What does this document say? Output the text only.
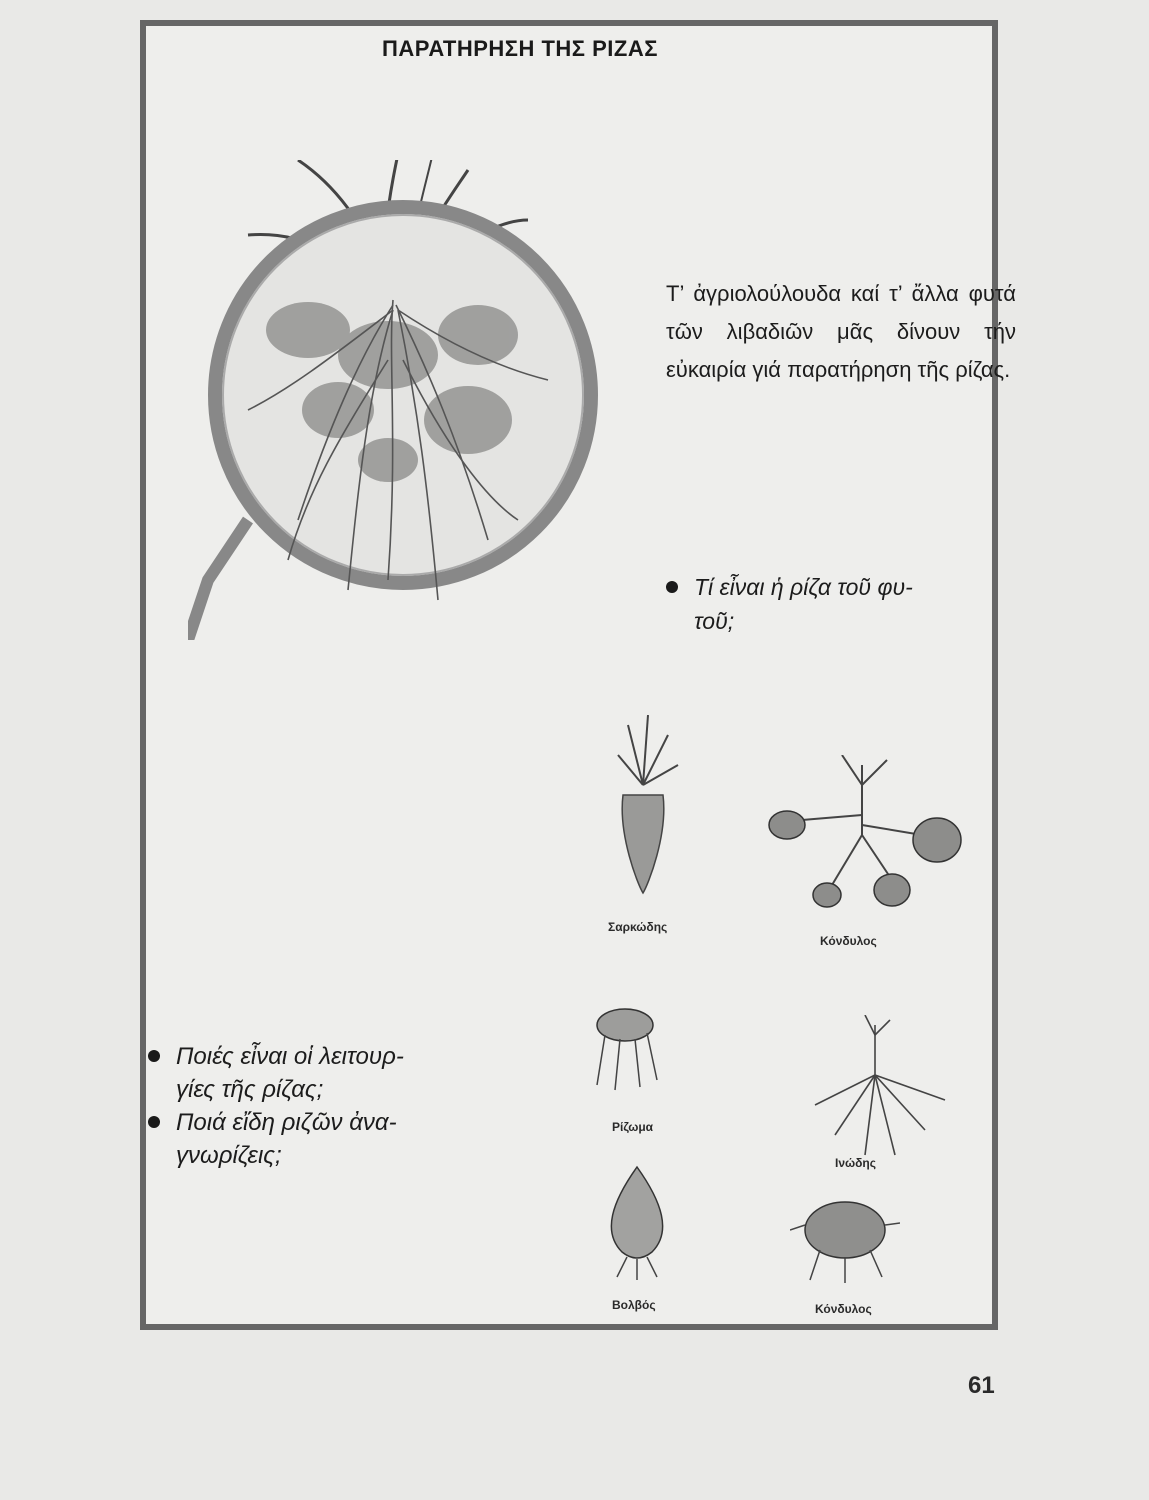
ΠΑΡΑΤΗΡΗΣΗ ΤΗΣ ΡΙΖΑΣ
Τ’ ἀγριολούλουδα καί τ’ ἄλλα φυτά τῶν λιβαδιῶν μᾶς δίνουν τήν εὐκαιρία γιά παρατήρηση τῆς ρίζας.
Τί εἶναι ἡ ρίζα τοῦ φυ-
τοῦ;
Ποιές εἶναι οἱ λειτουρ-
γίες τῆς ρίζας;
Ποιά εἴδη ριζῶν ἀνα-
γνωρίζεις;
Σαρκώδης
Κόνδυλος
Ρίζωμα
Ινώδης
Βολβός	Κόνδυλος
61
